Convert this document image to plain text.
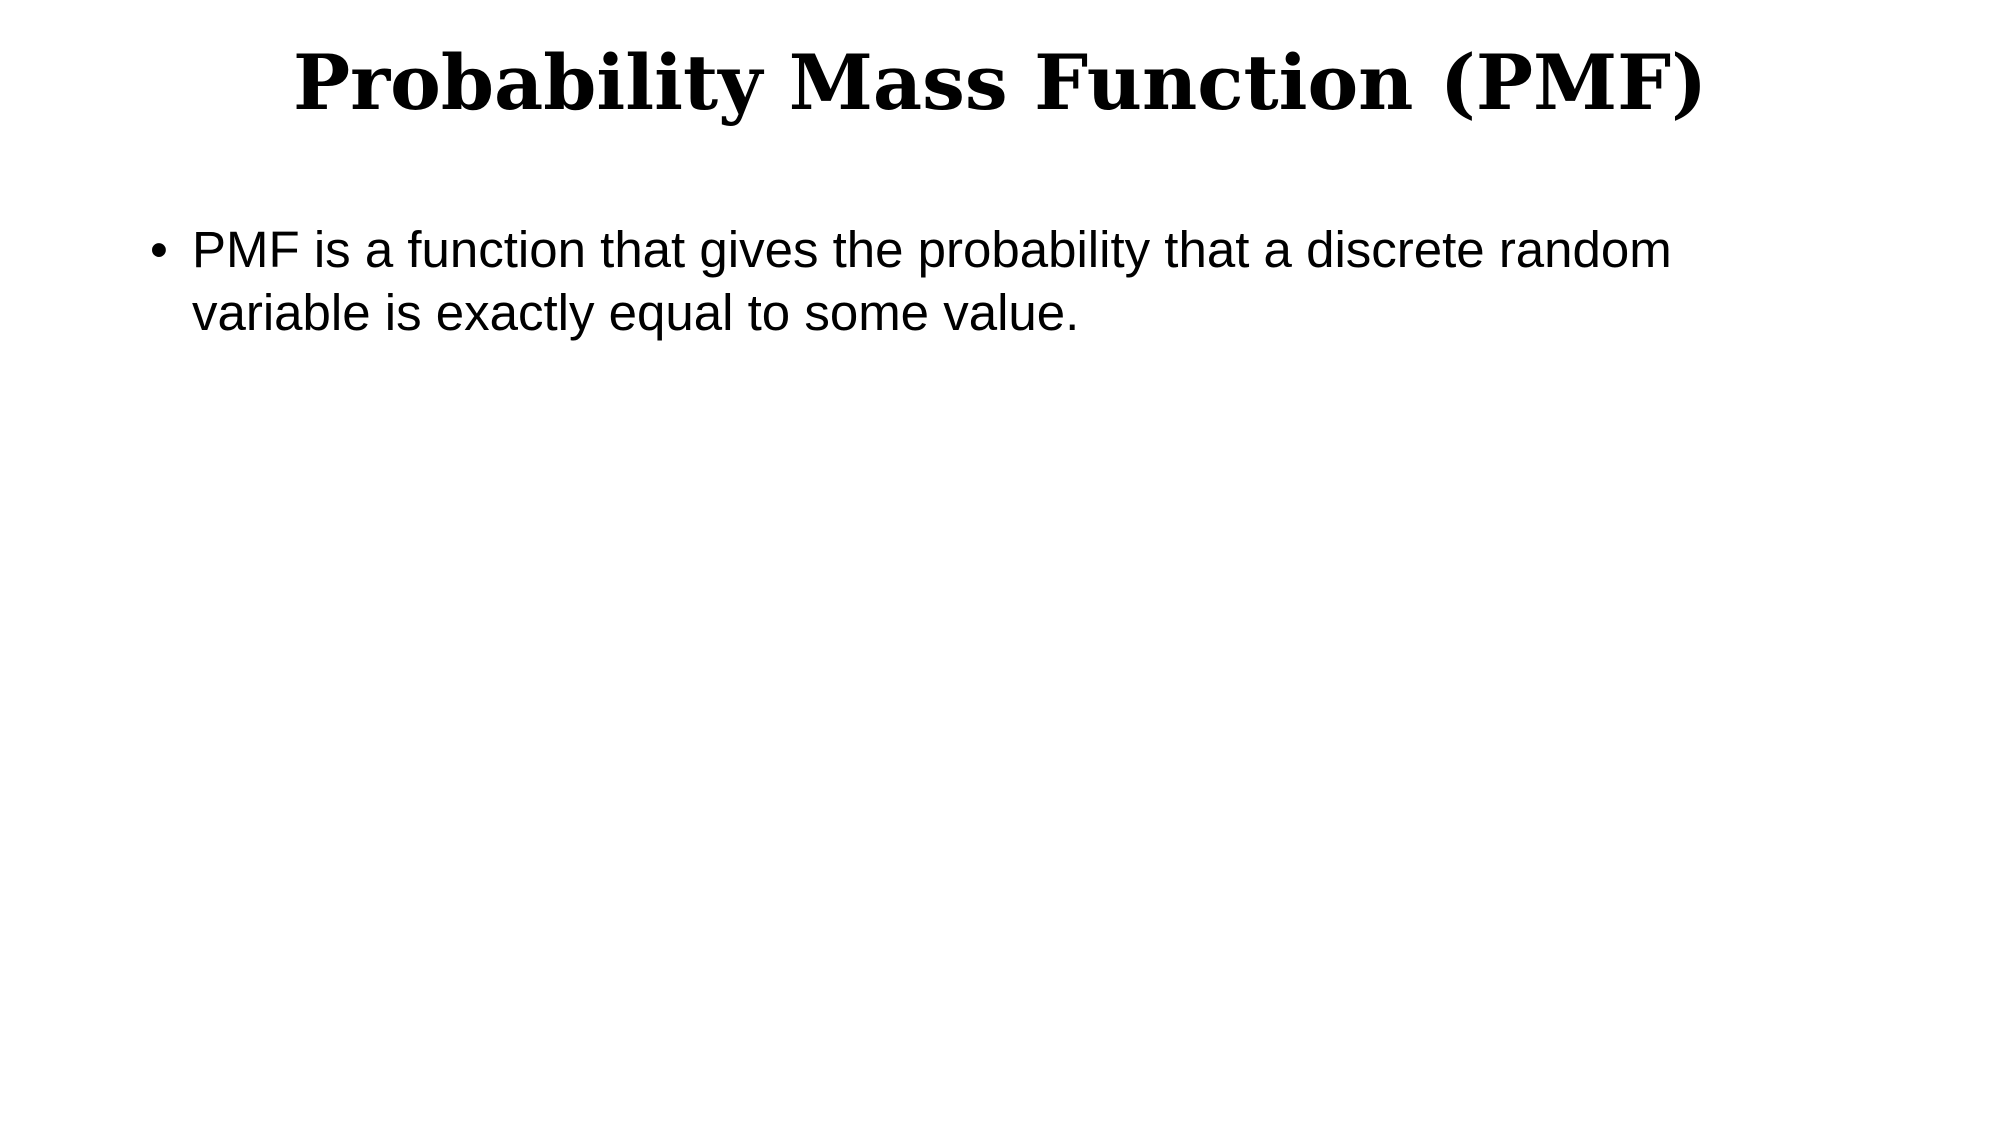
Probability Mass Function (PMF)
• PMF is a function that gives the probability that a discrete random variable is exactly equal to some value.
